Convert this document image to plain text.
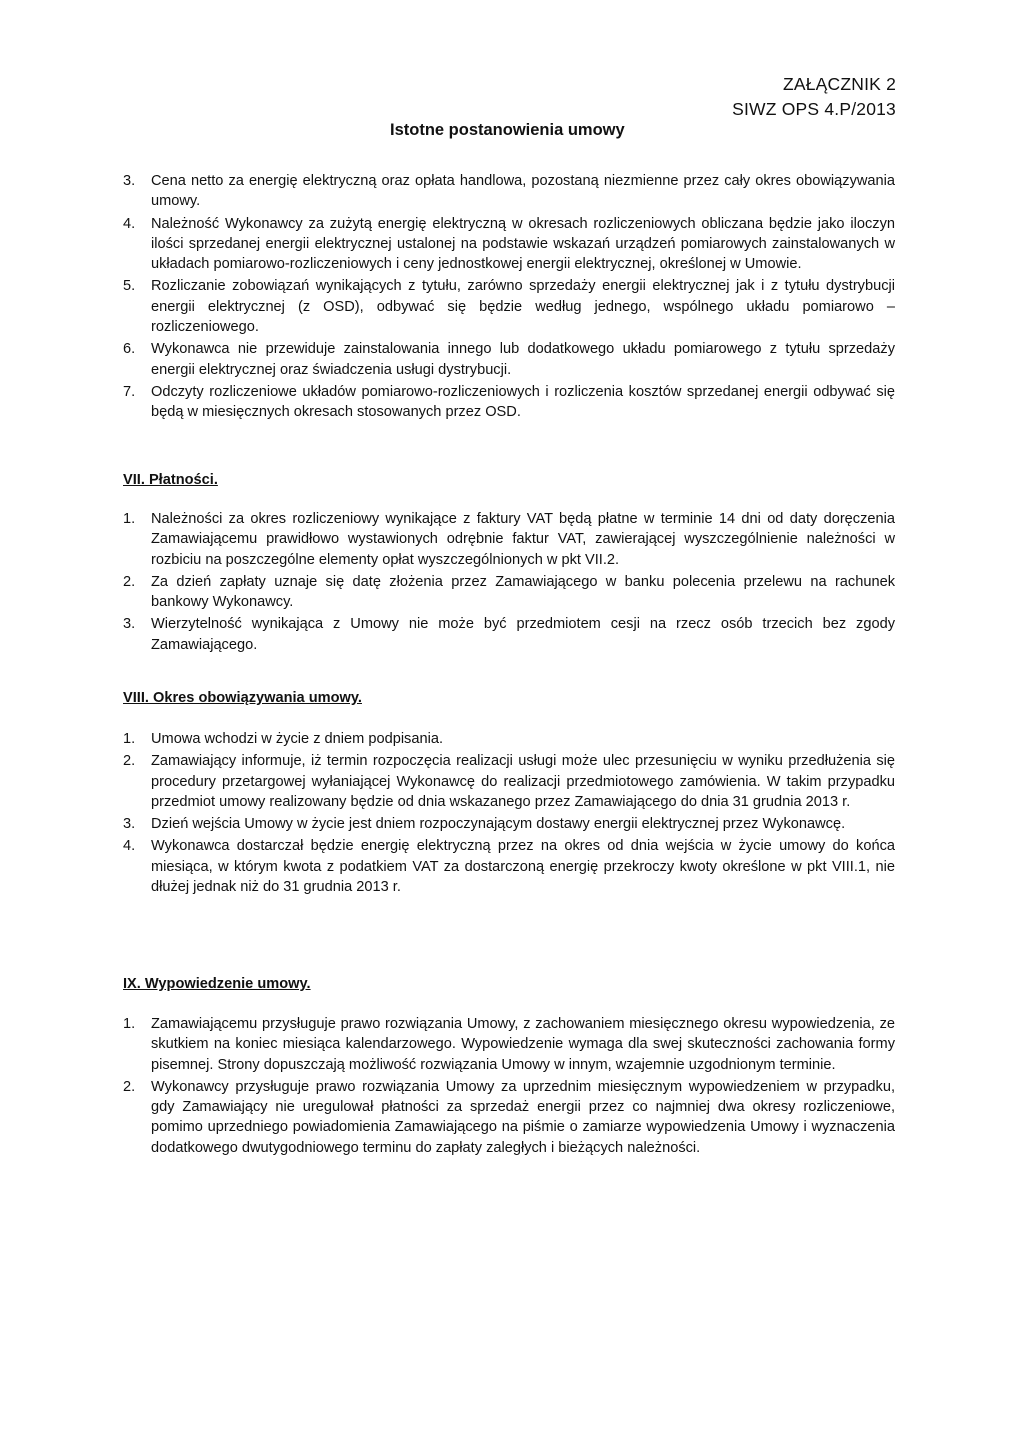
ZAŁĄCZNIK 2
SIWZ OPS 4.P/2013
Istotne postanowienia umowy
3.	Cena netto za energię elektryczną oraz opłata handlowa, pozostaną niezmienne przez cały okres obowiązywania umowy.
4.	Należność Wykonawcy za zużytą energię elektryczną w okresach rozliczeniowych obliczana będzie jako iloczyn ilości sprzedanej energii elektrycznej ustalonej na podstawie wskazań urządzeń pomiarowych zainstalowanych w układach pomiarowo-rozliczeniowych i ceny jednostkowej energii elektrycznej, określonej w Umowie.
5.	Rozliczanie zobowiązań wynikających z tytułu, zarówno sprzedaży energii elektrycznej jak i z tytułu dystrybucji energii elektrycznej (z OSD), odbywać się będzie według jednego, wspólnego układu pomiarowo – rozliczeniowego.
6.	Wykonawca nie przewiduje zainstalowania innego lub dodatkowego układu pomiarowego z tytułu sprzedaży energii elektrycznej oraz świadczenia usługi dystrybucji.
7.	Odczyty rozliczeniowe układów pomiarowo-rozliczeniowych i rozliczenia kosztów sprzedanej energii odbywać się będą w miesięcznych okresach stosowanych przez OSD.
VII. Płatności.
1.	Należności za okres rozliczeniowy wynikające z faktury VAT będą płatne w terminie 14 dni od daty doręczenia Zamawiającemu prawidłowo wystawionych odrębnie faktur VAT, zawierającej wyszczególnienie należności w rozbiciu na poszczególne elementy opłat wyszczególnionych w pkt VII.2.
2.	Za dzień zapłaty uznaje się datę złożenia przez Zamawiającego w banku polecenia przelewu na rachunek bankowy Wykonawcy.
3.	Wierzytelność wynikająca z Umowy nie może być przedmiotem cesji na rzecz osób trzecich bez zgody Zamawiającego.
VIII. Okres obowiązywania umowy.
1.	Umowa wchodzi w życie z dniem podpisania.
2.	Zamawiający informuje, iż termin rozpoczęcia realizacji usługi może ulec przesunięciu w wyniku przedłużenia się procedury przetargowej wyłaniającej Wykonawcę do realizacji przedmiotowego zamówienia. W takim przypadku przedmiot umowy realizowany będzie od dnia wskazanego przez Zamawiającego do dnia 31 grudnia 2013 r.
3.	Dzień wejścia Umowy w życie jest dniem rozpoczynającym dostawy energii elektrycznej przez Wykonawcę.
4.	Wykonawca dostarczał będzie energię elektryczną przez na okres od dnia wejścia w życie umowy do końca miesiąca, w którym kwota z podatkiem VAT za dostarczoną energię przekroczy kwoty określone w pkt VIII.1, nie dłużej jednak niż do 31 grudnia 2013 r.
IX. Wypowiedzenie umowy.
1.	Zamawiającemu przysługuje prawo rozwiązania Umowy, z zachowaniem miesięcznego okresu wypowiedzenia, ze skutkiem na koniec miesiąca kalendarzowego. Wypowiedzenie wymaga dla swej skuteczności zachowania formy pisemnej. Strony dopuszczają możliwość rozwiązania Umowy w innym, wzajemnie uzgodnionym terminie.
2.	Wykonawcy przysługuje prawo rozwiązania Umowy za uprzednim miesięcznym wypowiedzeniem w przypadku, gdy Zamawiający nie uregulował płatności za sprzedaż energii przez co najmniej dwa okresy rozliczeniowe, pomimo uprzedniego powiadomienia Zamawiającego na piśmie o zamiarze wypowiedzenia Umowy i wyznaczenia dodatkowego dwutygodniowego terminu do zapłaty zaległych i bieżących należności.
